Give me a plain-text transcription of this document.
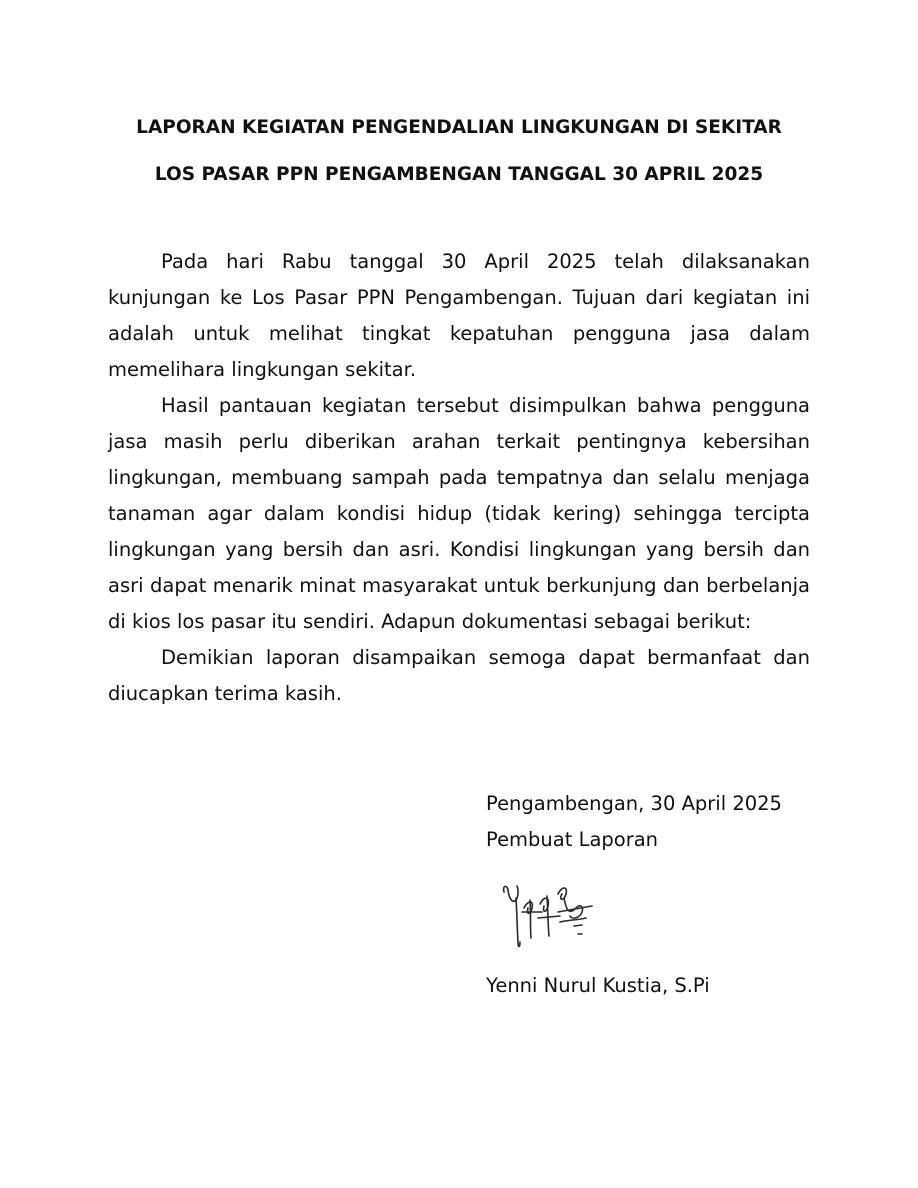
LAPORAN KEGIATAN PENGENDALIAN LINGKUNGAN DI SEKITAR
LOS PASAR PPN PENGAMBENGAN TANGGAL 30 APRIL 2025

Pada hari Rabu tanggal 30 April 2025 telah dilaksanakan kunjungan ke Los Pasar PPN Pengambengan. Tujuan dari kegiatan ini adalah untuk melihat tingkat kepatuhan pengguna jasa dalam memelihara lingkungan sekitar.

Hasil pantauan kegiatan tersebut disimpulkan bahwa pengguna jasa masih perlu diberikan arahan terkait pentingnya kebersihan lingkungan, membuang sampah pada tempatnya dan selalu menjaga tanaman agar dalam kondisi hidup (tidak kering) sehingga tercipta lingkungan yang bersih dan asri. Kondisi lingkungan yang bersih dan asri dapat menarik minat masyarakat untuk berkunjung dan berbelanja di kios los pasar itu sendiri. Adapun dokumentasi sebagai berikut:

Demikian laporan disampaikan semoga dapat bermanfaat dan diucapkan terima kasih.

Pengambengan, 30 April 2025
Pembuat Laporan
Yenni Nurul Kustia, S.Pi
